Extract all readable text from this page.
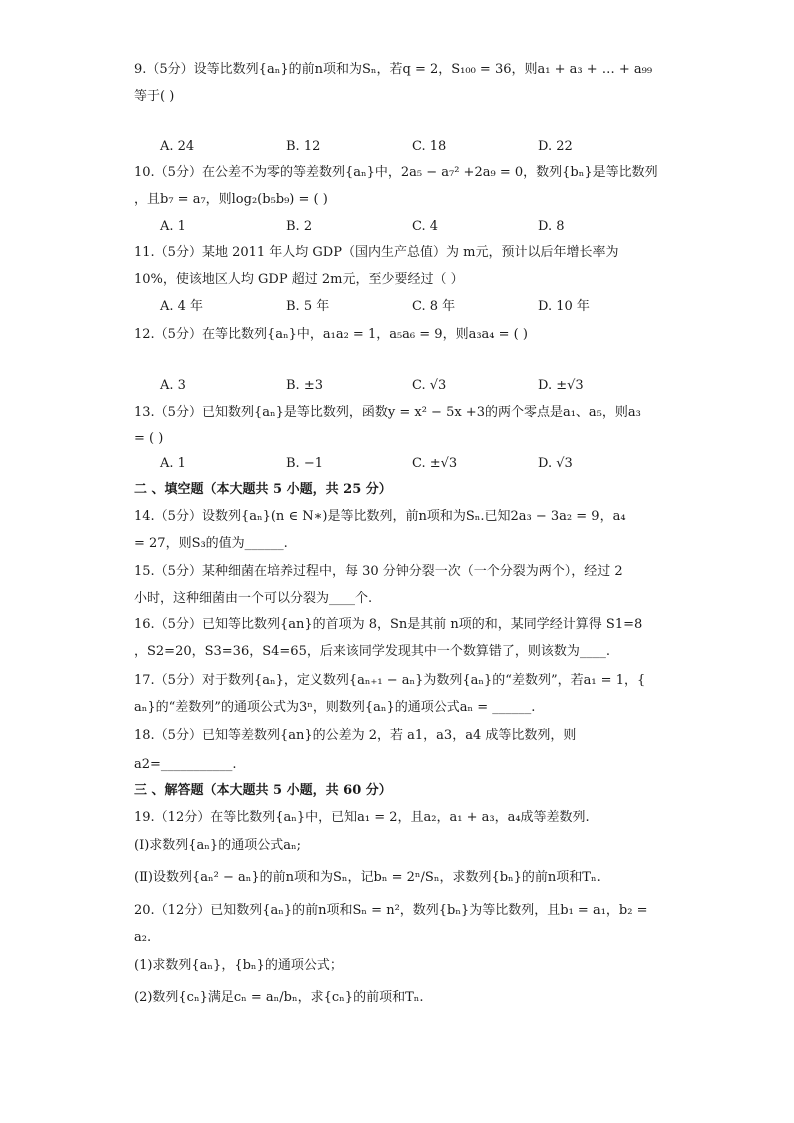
9.（5分）设等比数列{aₙ}的前n项和为Sₙ，若q = 2，S₁₀₀ = 36，则a₁ + a₃ + … + a₉₉
等于( )
A. 24	B. 12	C. 18	D. 22
10.（5分）在公差不为零的等差数列{aₙ}中，2a₅ − a₇² +2a₉ = 0，数列{bₙ}是等比数列
，且b₇ = a₇，则log₂(b₅b₉) = ( )
A. 1	B. 2	C. 4	D. 8
11.（5分）某地 2011 年人均 GDP（国内生产总值）为 m元，预计以后年增长率为
10%，使该地区人均 GDP 超过 2m元，至少要经过（ ）
A. 4 年	B. 5 年	C. 8 年	D. 10 年
12.（5分）在等比数列{aₙ}中，a₁a₂ = 1，a₅a₆ = 9，则a₃a₄ = ( )
A. 3	B. ±3	C. √3	D. ±√3
13.（5分）已知数列{aₙ}是等比数列，函数y = x² − 5x +3的两个零点是a₁、a₅，则a₃
= ( )
A. 1	B. −1	C. ±√3	D. √3
二 、填空题（本大题共 5 小题，共 25 分）
14.（5分）设数列{aₙ}(n ∈ N∗)是等比数列，前n项和为Sₙ.已知2a₃ − 3a₂ = 9，a₄
= 27，则S₃的值为______.
15.（5分）某种细菌在培养过程中，每 30 分钟分裂一次（一个分裂为两个），经过 2
小时，这种细菌由一个可以分裂为____个.
16.（5分）已知等比数列{an}的首项为 8，Sn是其前 n项的和，某同学经计算得 S1=8
，S2=20，S3=36，S4=65，后来该同学发现其中一个数算错了，则该数为____.
17.（5分）对于数列{aₙ}，定义数列{aₙ₊₁ − aₙ}为数列{aₙ}的“差数列”，若a₁ = 1，{
aₙ}的“差数列”的通项公式为3ⁿ，则数列{aₙ}的通项公式aₙ = ______.
18.（5分）已知等差数列{an}的公差为 2，若 a1，a3，a4 成等比数列，则
a2=___________.
三 、解答题（本大题共 5 小题，共 60 分）
19.（12分）在等比数列{aₙ}中，已知a₁ = 2，且a₂，a₁ + a₃，a₄成等差数列.
(Ⅰ)求数列{aₙ}的通项公式aₙ;
(Ⅱ)设数列{aₙ² − aₙ}的前n项和为Sₙ，记bₙ = 2ⁿ/Sₙ，求数列{bₙ}的前n项和Tₙ.
20.（12分）已知数列{aₙ}的前n项和Sₙ = n²，数列{bₙ}为等比数列，且b₁ = a₁，b₂ =
a₂.
(1)求数列{aₙ}，{bₙ}的通项公式；
(2)数列{cₙ}满足cₙ = aₙ/bₙ，求{cₙ}的前项和Tₙ.
